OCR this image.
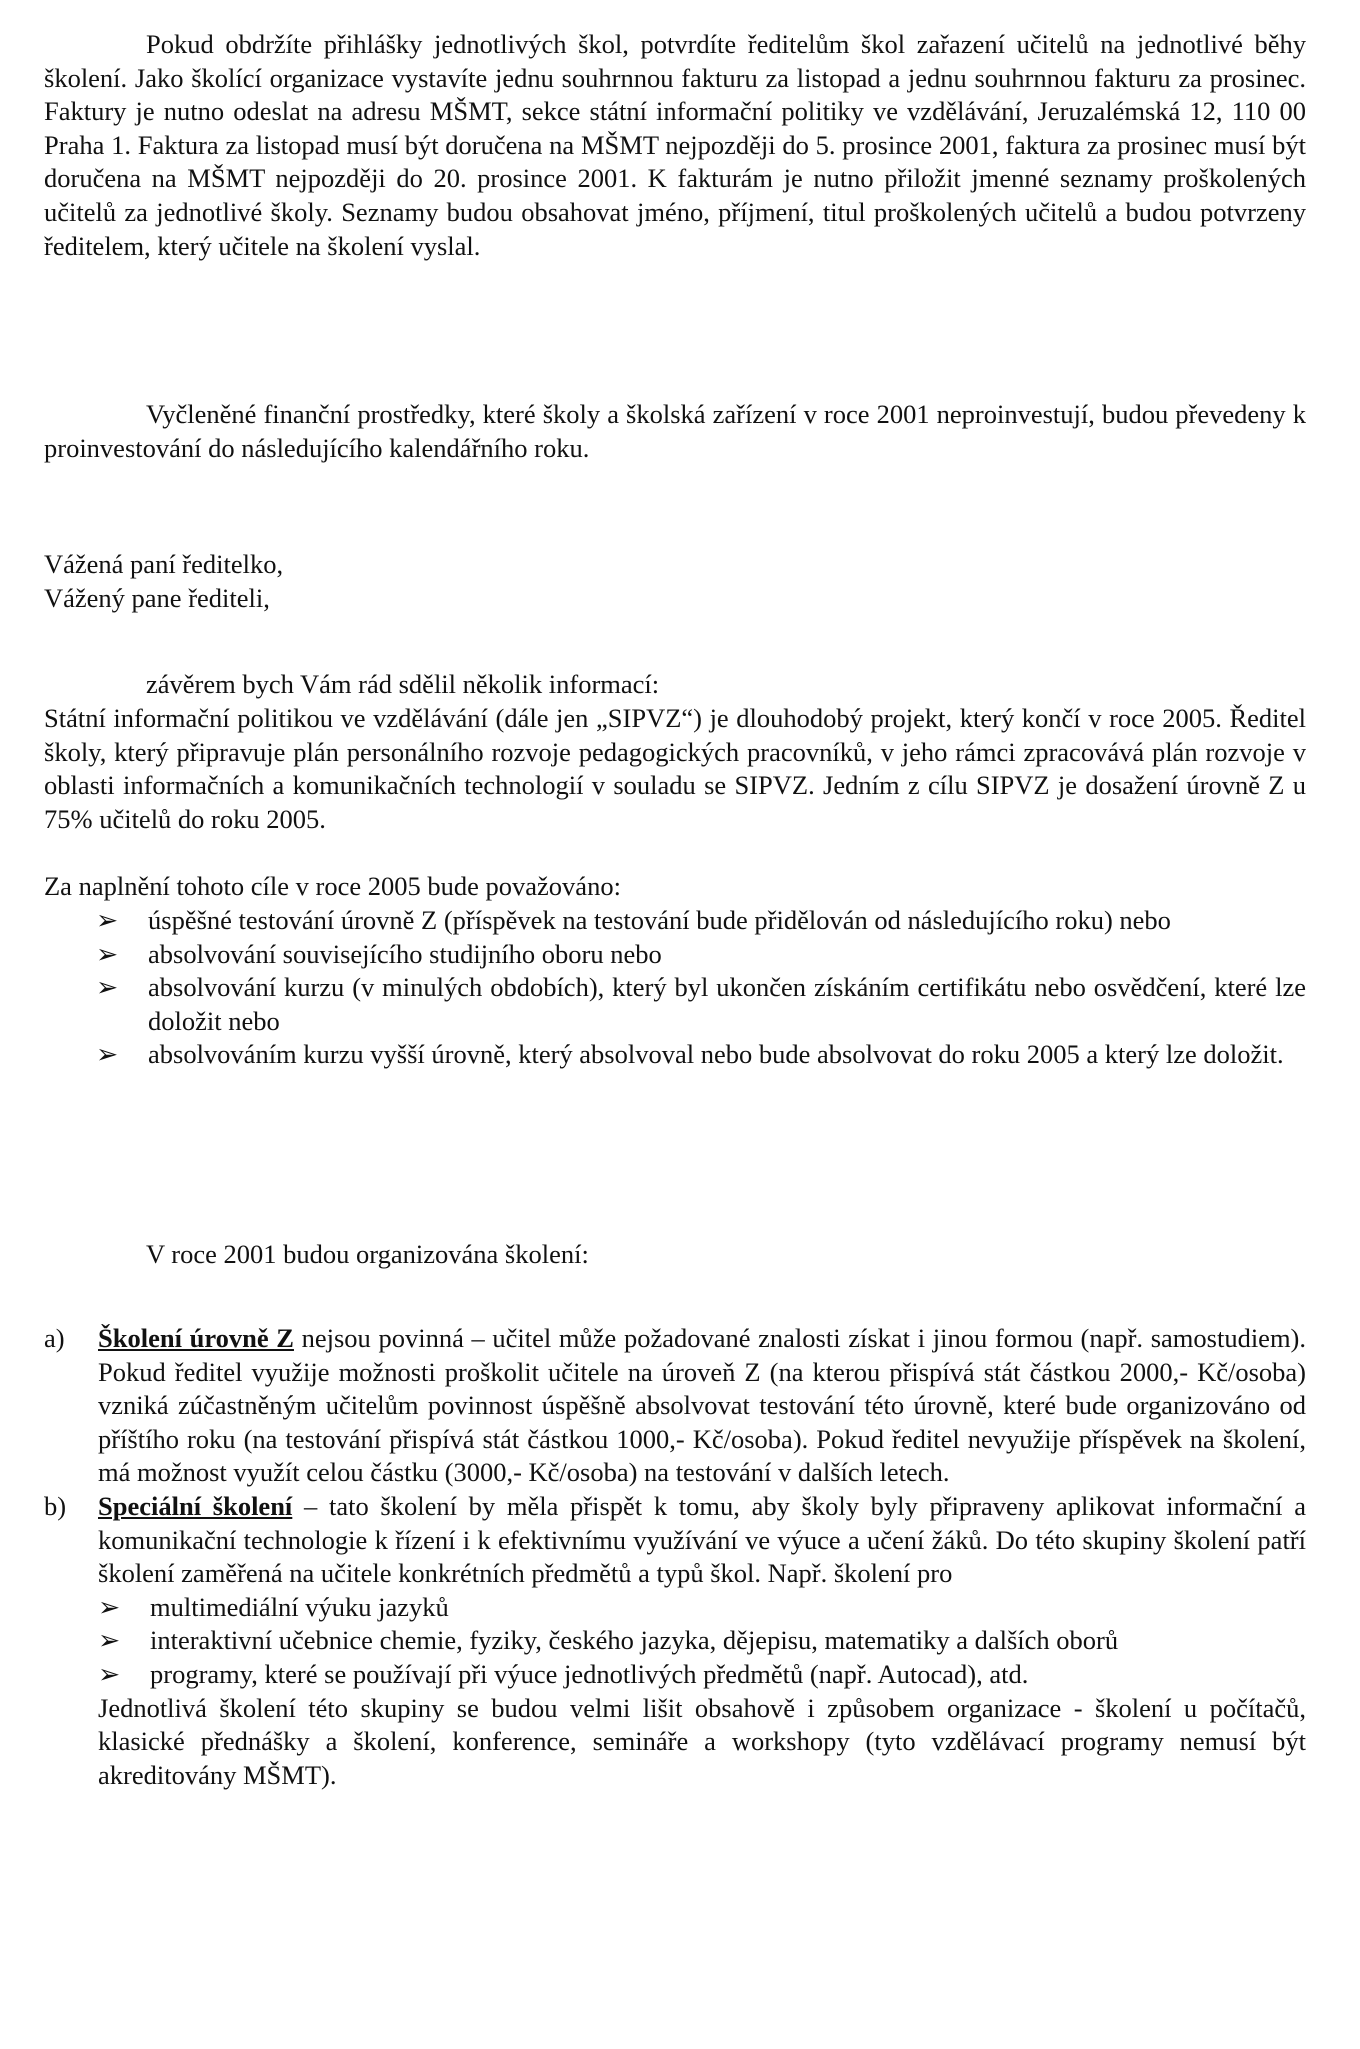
Pokud obdržíte přihlášky jednotlivých škol, potvrdíte ředitelům škol zařazení učitelů na jednotlivé běhy školení. Jako školící organizace vystavíte jednu souhrnnou fakturu za listopad a jednu souhrnnou fakturu za prosinec. Faktury je nutno odeslat na adresu MŠMT, sekce státní informační politiky ve vzdělávání, Jeruzalémská 12, 110 00 Praha 1. Faktura za listopad musí být doručena na MŠMT nejpozději do 5. prosince 2001, faktura za prosinec musí být doručena na MŠMT nejpozději do 20. prosince 2001. K fakturám je nutno přiložit jmenné seznamy proškolených učitelů za jednotlivé školy. Seznamy budou obsahovat jméno, příjmení, titul proškolených učitelů a budou potvrzeny ředitelem, který učitele na školení vyslal.

Vyčleněné finanční prostředky, které školy a školská zařízení v roce 2001 neproinvestují, budou převedeny k proinvestování do následujícího kalendářního roku.

Vážená paní ředitelko,
Vážený pane řediteli,
závěrem bych Vám rád sdělil několik informací:

Státní informační politikou ve vzdělávání (dále jen „SIPVZ“) je dlouhodobý projekt, který končí v roce 2005. Ředitel školy, který připravuje plán personálního rozvoje pedagogických pracovníků, v jeho rámci zpracovává plán rozvoje v oblasti informačních a komunikačních technologií v souladu se SIPVZ. Jedním z cílu SIPVZ je dosažení úrovně Z u 75% učitelů do roku 2005.

Za naplnění tohoto cíle v roce 2005 bude považováno:
➢	úspěšné testování úrovně Z (příspěvek na testování bude přidělován od následujícího roku) nebo
➢	absolvování souvisejícího studijního oboru nebo
➢	absolvování kurzu (v minulých obdobích), který byl ukončen získáním certifikátu nebo osvědčení, které lze doložit nebo
➢	absolvováním kurzu vyšší úrovně, který absolvoval nebo bude absolvovat do roku 2005 a který lze doložit.
V roce 2001 budou organizována školení:
a)	Školení úrovně Z nejsou povinná – učitel může požadované znalosti získat i jinou formou (např. samostudiem). Pokud ředitel využije možnosti proškolit učitele na úroveň Z (na kterou přispívá stát částkou 2000,- Kč/osoba) vzniká zúčastněným učitelům povinnost úspěšně absolvovat testování této úrovně, které bude organizováno od příštího roku (na testování přispívá stát částkou 1000,- Kč/osoba). Pokud ředitel nevyužije příspěvek na školení, má možnost využít celou částku (3000,- Kč/osoba) na testování v dalších letech.
b)	Speciální školení – tato školení by měla přispět k tomu, aby školy byly připraveny aplikovat informační a komunikační technologie k řízení i k efektivnímu využívání ve výuce a učení žáků. Do této skupiny školení patří školení zaměřená na učitele konkrétních předmětů a typů škol. Např. školení pro
➢	multimediální výuku jazyků
➢	interaktivní učebnice chemie, fyziky, českého jazyka, dějepisu, matematiky a dalších oborů
➢	programy, které se používají při výuce jednotlivých předmětů (např. Autocad), atd.
Jednotlivá školení této skupiny se budou velmi lišit obsahově i způsobem organizace - školení u počítačů, klasické přednášky a školení, konference, semináře a workshopy (tyto vzdělávací programy nemusí být akreditovány MŠMT).
